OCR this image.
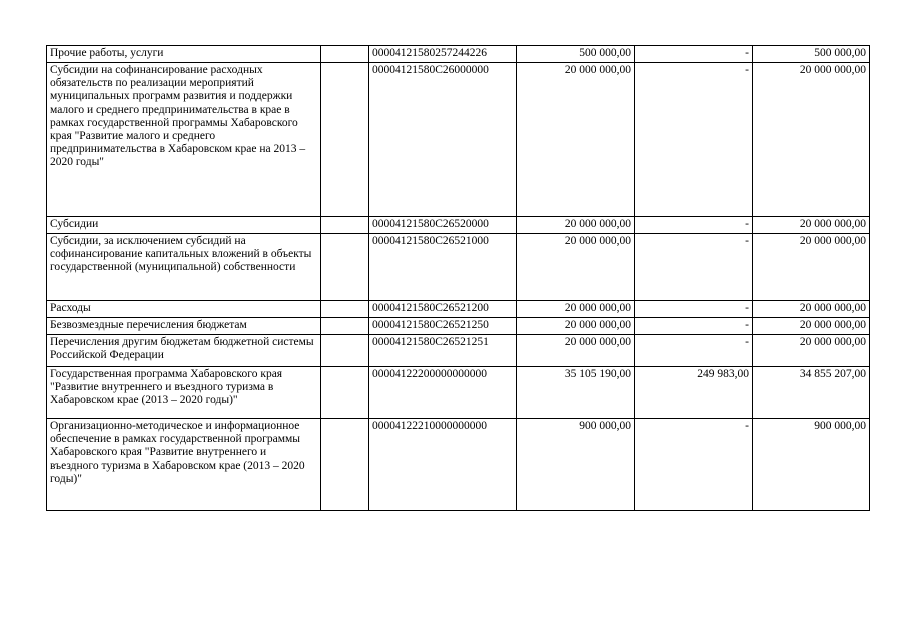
Прочие работы, услуги		00004121580257244226	500 000,00	-	500 000,00
Субсидии на софинансирование расходных обязательств по реализации мероприятий муниципальных программ развития и поддержки малого и среднего предпринимательства в крае в рамках государственной программы Хабаровского края "Развитие малого и среднего предпринимательства в Хабаровском крае на 2013 – 2020 годы"		00004121580С26000000	20 000 000,00	-	20 000 000,00
Субсидии		00004121580С26520000	20 000 000,00	-	20 000 000,00
Субсидии, за исключением субсидий на софинансирование капитальных вложений в объекты государственной (муниципальной) собственности		00004121580С26521000	20 000 000,00	-	20 000 000,00
Расходы		00004121580С26521200	20 000 000,00	-	20 000 000,00
Безвозмездные перечисления бюджетам		00004121580С26521250	20 000 000,00	-	20 000 000,00
Перечисления другим бюджетам бюджетной системы Российской Федерации		00004121580С26521251	20 000 000,00	-	20 000 000,00
Государственная программа Хабаровского края "Развитие внутреннего и въездного туризма в Хабаровском крае (2013 – 2020 годы)"		00004122200000000000	35 105 190,00	249 983,00	34 855 207,00
Организационно-методическое и информационное обеспечение в рамках государственной программы Хабаровского края "Развитие внутреннего и въездного туризма в Хабаровском крае (2013 – 2020 годы)"		00004122210000000000	900 000,00	-	900 000,00
